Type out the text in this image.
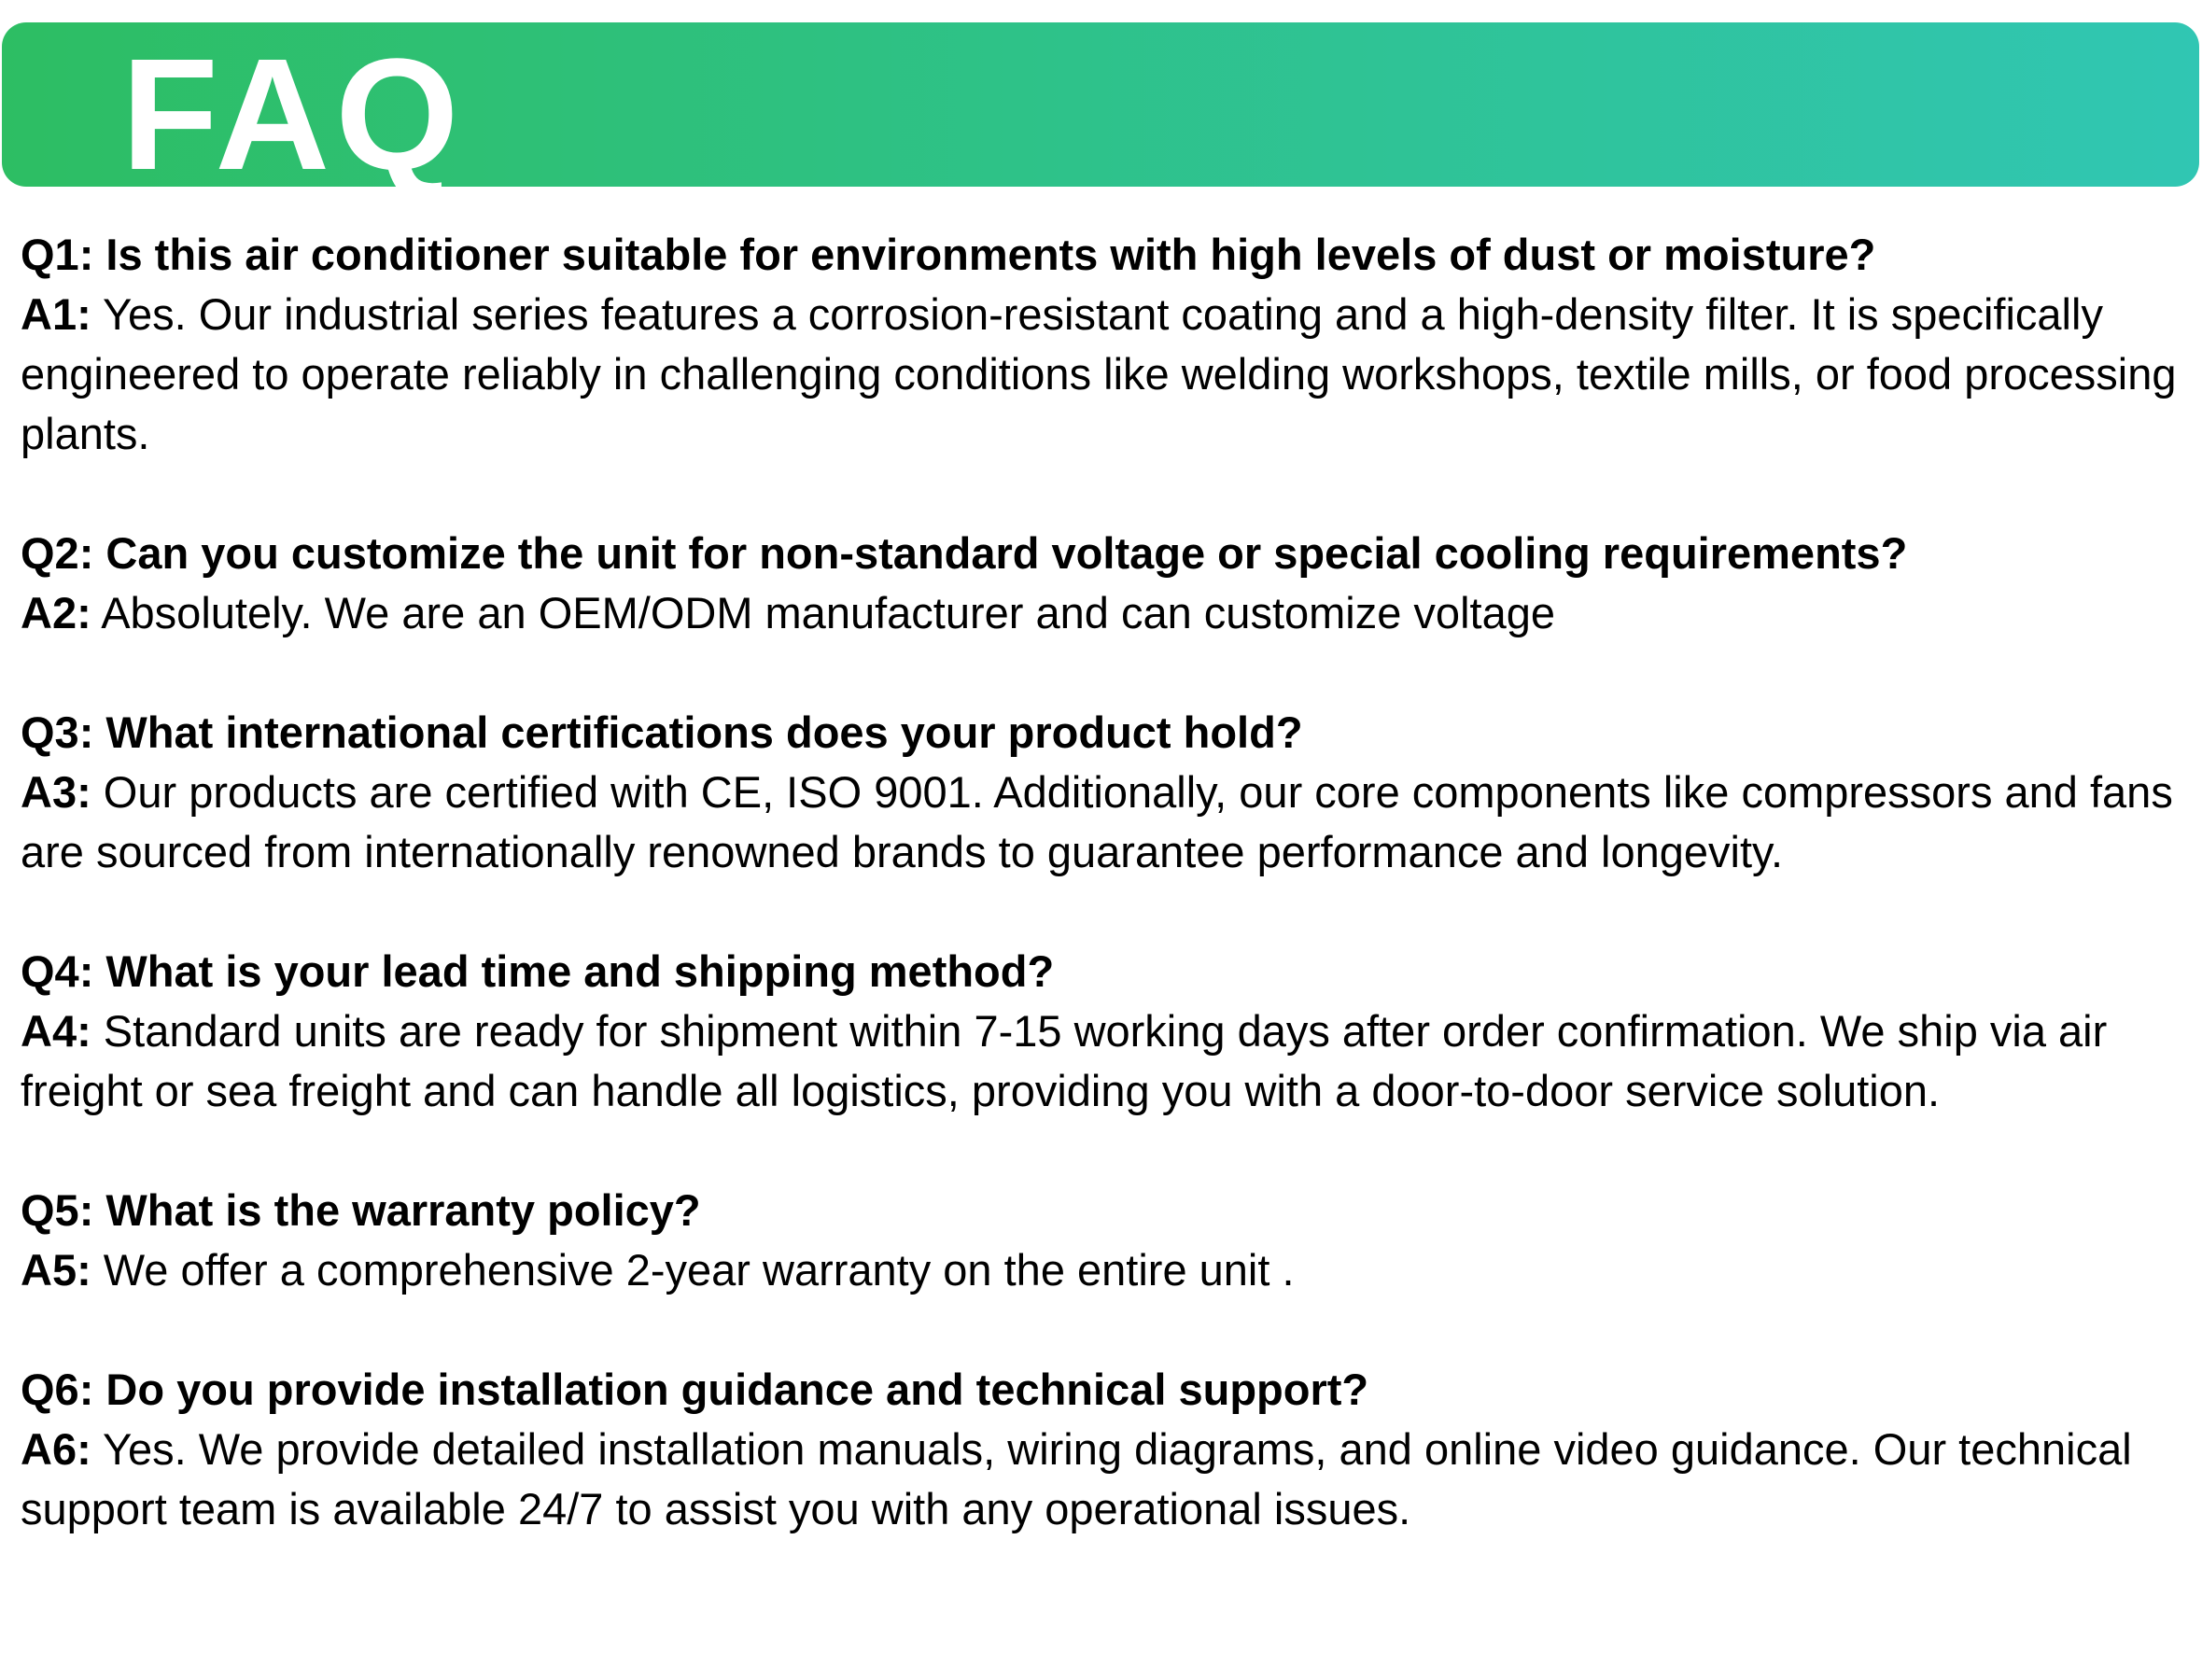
FAQ

Q1: Is this air conditioner suitable for environments with high levels of dust or moisture?

A1: Yes. Our industrial series features a corrosion-resistant coating and a high-density filter. It is specifically engineered to operate reliably in challenging conditions like welding workshops, textile mills, or food processing plants.

Q2: Can you customize the unit for non-standard voltage or special cooling requirements?

A2: Absolutely. We are an OEM/ODM manufacturer and can customize voltage

Q3: What international certifications does your product hold?

A3: Our products are certified with CE, ISO 9001. Additionally, our core components like compressors and fans are sourced from internationally renowned brands to guarantee performance and longevity.

Q4: What is your lead time and shipping method?

A4: Standard units are ready for shipment within 7-15 working days after order confirmation. We ship via air freight or sea freight and can handle all logistics, providing you with a door-to-door service solution.

Q5: What is the warranty policy?

A5: We offer a comprehensive 2-year warranty on the entire unit .

Q6: Do you provide installation guidance and technical support?

A6: Yes. We provide detailed installation manuals, wiring diagrams, and online video guidance. Our technical support team is available 24/7 to assist you with any operational issues.
